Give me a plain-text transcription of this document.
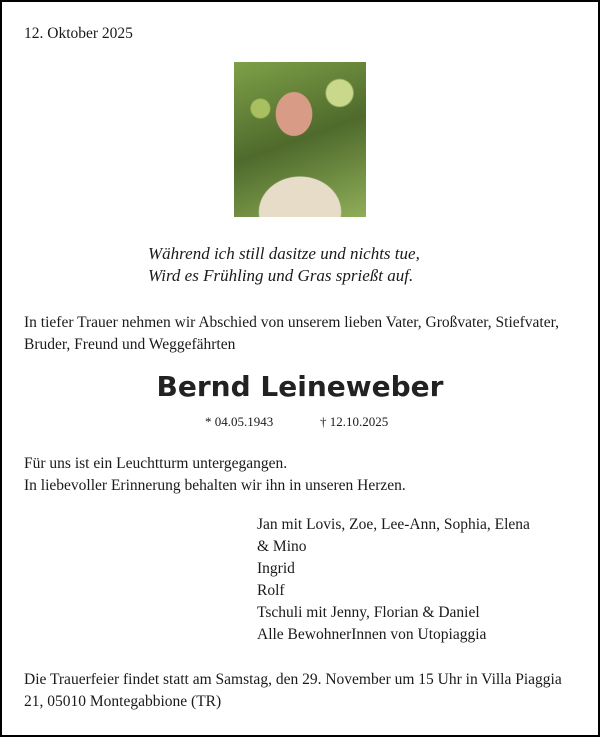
12. Oktober 2025
Während ich still dasitze und nichts tue,
Wird es Frühling und Gras sprießt auf.
In tiefer Trauer nehmen wir Abschied von unserem lieben Vater, Großvater, Stiefvater,
Bruder, Freund und Weggefährten
Bernd Leineweber
* 04.05.1943	† 12.10.2025
Für uns ist ein Leuchtturm untergegangen.
In liebevoller Erinnerung behalten wir ihn in unseren Herzen.
Jan mit Lovis, Zoe, Lee-Ann, Sophia, Elena
& Mino
Ingrid
Rolf
Tschuli mit Jenny, Florian & Daniel
Alle BewohnerInnen von Utopiaggia
Die Trauerfeier findet statt am Samstag, den 29. November um 15 Uhr in Villa Piaggia
21, 05010 Montegabbione (TR)
